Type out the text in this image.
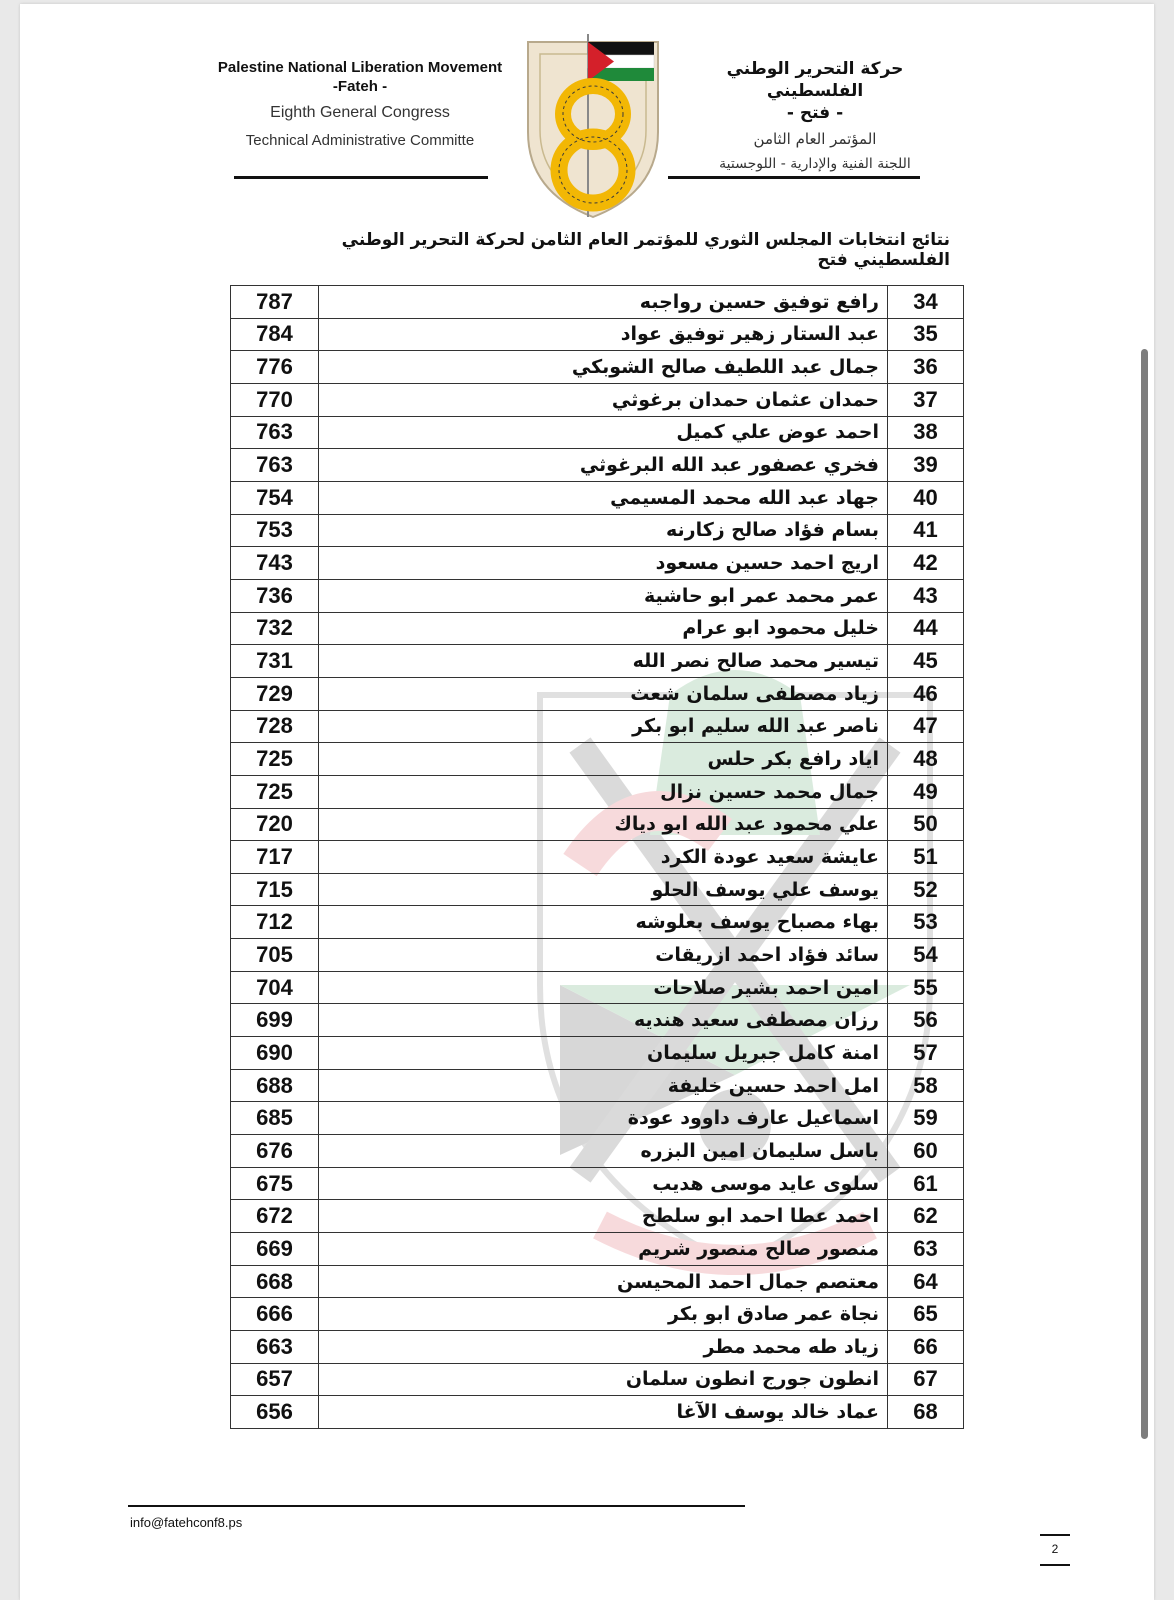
Palestine National Liberation Movement
-Fateh -
Eighth General Congress
Technical Administrative Committe
حركة التحرير الوطني الفلسطيني
- فتح -
المؤتمر العام الثامن
اللجنة الفنية والإدارية - اللوجستية
نتائج انتخابات المجلس الثوري للمؤتمر العام الثامن لحركة التحرير الوطني الفلسطيني فتح
787	رافع توفيق حسين رواجبه	34
784	عبد الستار زهير توفيق عواد	35
776	جمال عبد اللطيف صالح الشوبكي	36
770	حمدان عثمان حمدان برغوثي	37
763	احمد عوض علي كميل	38
763	فخري عصفور عبد الله البرغوثي	39
754	جهاد عبد الله محمد المسيمي	40
753	بسام فؤاد صالح زكارنه	41
743	اريج احمد حسين مسعود	42
736	عمر محمد عمر ابو حاشية	43
732	خليل محمود ابو عرام	44
731	تيسير محمد صالح نصر الله	45
729	زياد مصطفى سلمان شعث	46
728	ناصر عبد الله سليم ابو بكر	47
725	اياد رافع بكر حلس	48
725	جمال محمد حسين نزال	49
720	علي محمود عبد الله ابو دياك	50
717	عايشة سعيد عودة الكرد	51
715	يوسف علي يوسف الحلو	52
712	بهاء مصباح يوسف بعلوشه	53
705	سائد فؤاد احمد ازريقات	54
704	امين احمد بشير صلاحات	55
699	رزان مصطفى سعيد هنديه	56
690	امنة كامل جبريل سليمان	57
688	امل احمد حسين خليفة	58
685	اسماعيل عارف داوود عودة	59
676	باسل سليمان امين البزره	60
675	سلوى عايد موسى هديب	61
672	احمد عطا احمد ابو سلطح	62
669	منصور صالح منصور شريم	63
668	معتصم جمال احمد المحيسن	64
666	نجاة عمر صادق ابو بكر	65
663	زياد طه محمد مطر	66
657	انطون جورج انطون سلمان	67
656	عماد خالد يوسف الآغا	68
info@fatehconf8.ps
2
